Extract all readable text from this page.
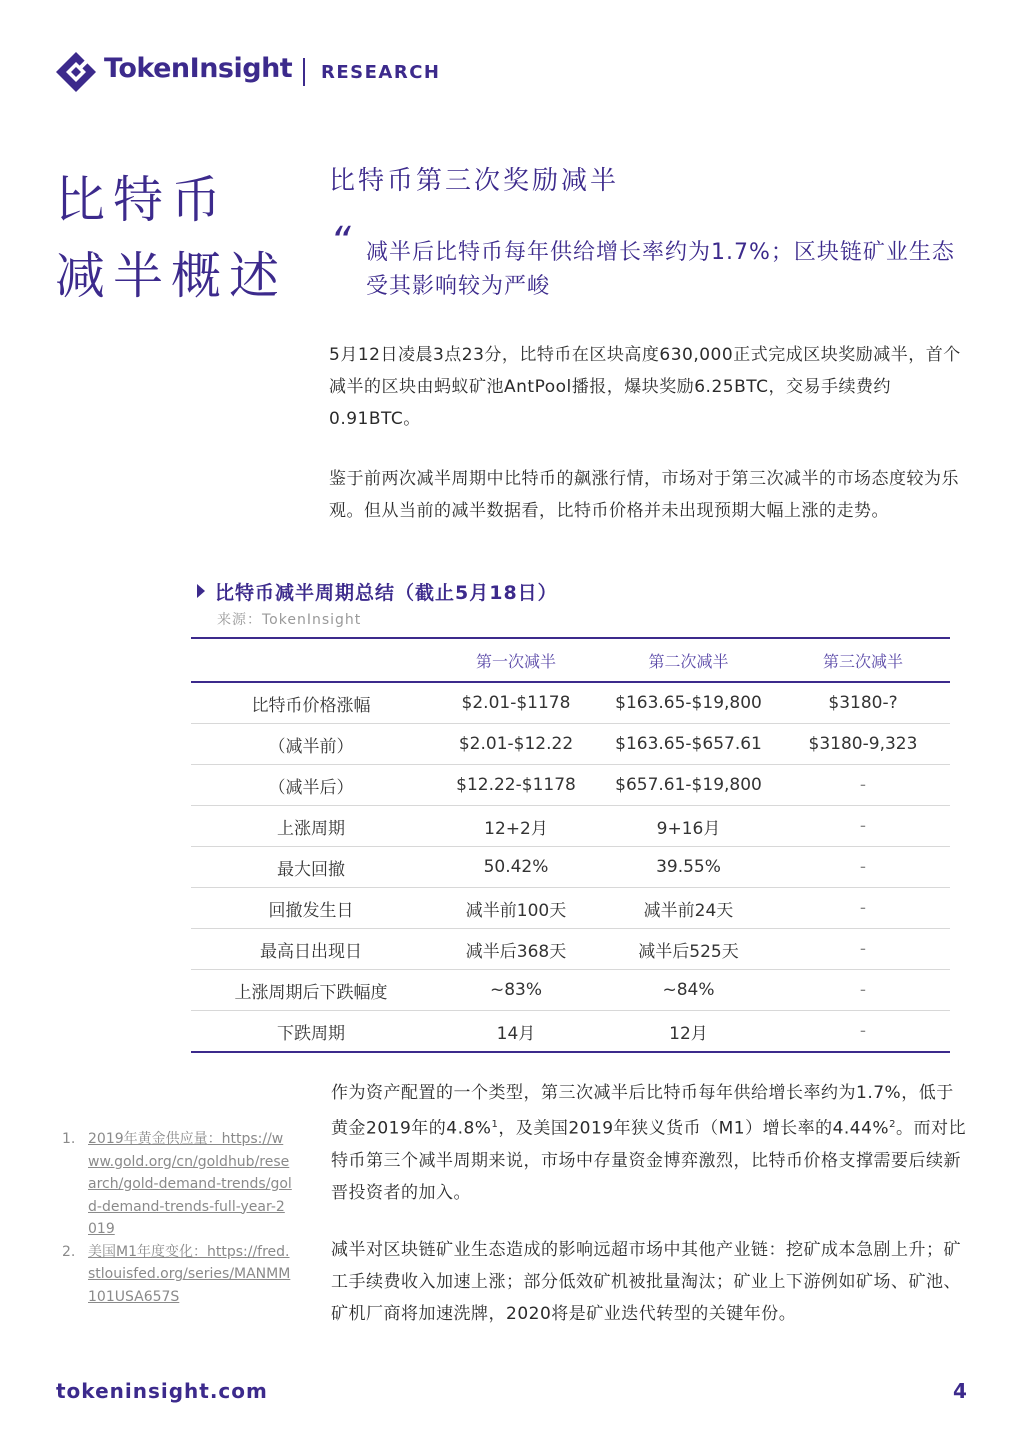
TokenInsight RESEARCH
比特币
减半概述
比特币第三次奖励减半
“ 减半后比特币每年供给增长率约为1.7%；区块链矿业生态受其影响较为严峻
5月12日凌晨3点23分，比特币在区块高度630,000正式完成区块奖励减半，首个减半的区块由蚂蚁矿池AntPool播报，爆块奖励6.25BTC，交易手续费约0.91BTC。
鉴于前两次减半周期中比特币的飙涨行情，市场对于第三次减半的市场态度较为乐观。但从当前的减半数据看，比特币价格并未出现预期大幅上涨的走势。
比特币减半周期总结（截止5月18日）
来源：TokenInsight
	第一次减半	第二次减半	第三次减半
比特币价格涨幅	$2.01-$1178	$163.65-$19,800	$3180-?
（减半前）	$2.01-$12.22	$163.65-$657.61	$3180-9,323
（减半后）	$12.22-$1178	$657.61-$19,800	-
上涨周期	12+2月	9+16月	-
最大回撤	50.42%	39.55%	-
回撤发生日	减半前100天	减半前24天	-
最高日出现日	减半后368天	减半后525天	-
上涨周期后下跌幅度	~83%	~84%	-
下跌周期	14月	12月	-
作为资产配置的一个类型，第三次减半后比特币每年供给增长率约为1.7%，低于黄金2019年的4.8%$^1$，及美国2019年狭义货币（M1）增长率的4.44%$^2$。而对比特币第三个减半周期来说，市场中存量资金博弈激烈，比特币价格支撑需要后续新晋投资者的加入。
减半对区块链矿业生态造成的影响远超市场中其他产业链：挖矿成本急剧上升；矿工手续费收入加速上涨；部分低效矿机被批量淘汰；矿业上下游例如矿场、矿池、矿机厂商将加速洗牌，2020将是矿业迭代转型的关键年份。
1. 2019年黄金供应量：https://www.gold.org/cn/goldhub/research/gold-demand-trends/gold-demand-trends-full-year-2019
2. 美国M1年度变化：https://fred.stlouisfed.org/series/MANMM101USA657S
tokeninsight.com	4
